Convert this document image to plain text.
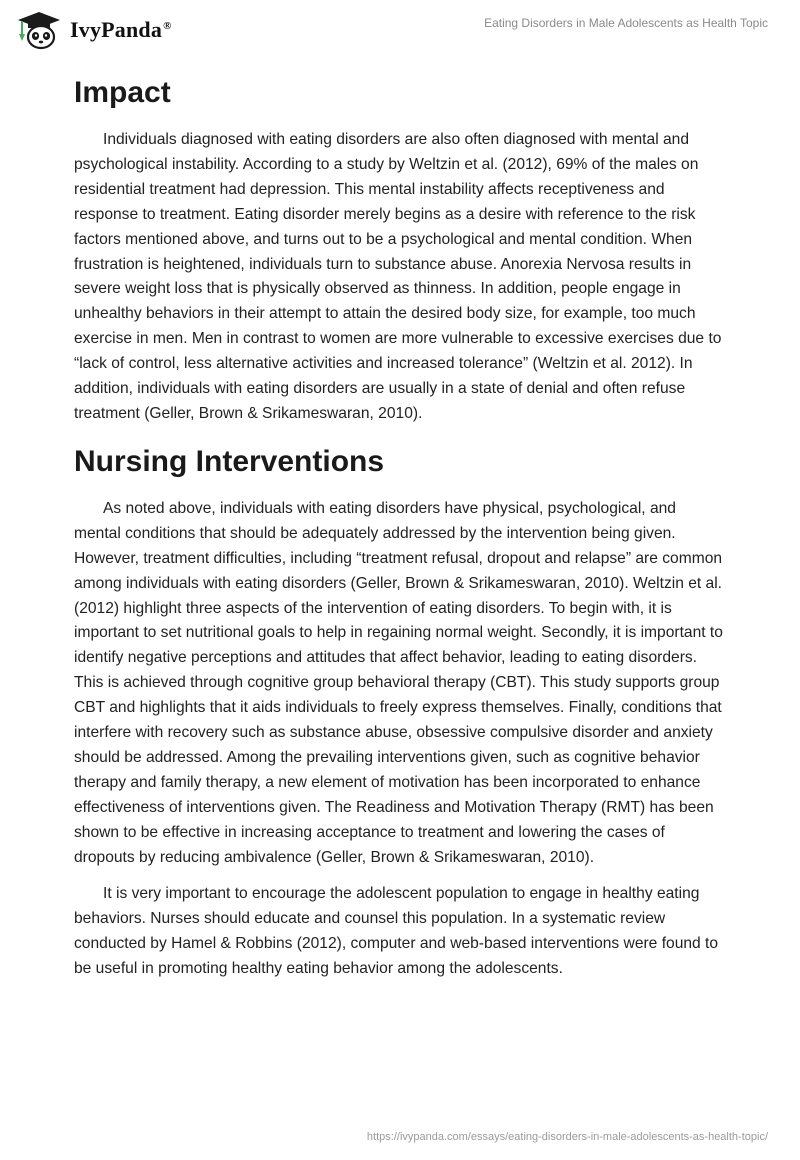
IvyPanda®	Eating Disorders in Male Adolescents as Health Topic
Impact

Individuals diagnosed with eating disorders are also often diagnosed with mental and psychological instability. According to a study by Weltzin et al. (2012), 69% of the males on residential treatment had depression. This mental instability affects receptiveness and response to treatment. Eating disorder merely begins as a desire with reference to the risk factors mentioned above, and turns out to be a psychological and mental condition. When frustration is heightened, individuals turn to substance abuse. Anorexia Nervosa results in severe weight loss that is physically observed as thinness. In addition, people engage in unhealthy behaviors in their attempt to attain the desired body size, for example, too much exercise in men. Men in contrast to women are more vulnerable to excessive exercises due to “lack of control, less alternative activities and increased tolerance” (Weltzin et al. 2012). In addition, individuals with eating disorders are usually in a state of denial and often refuse treatment (Geller, Brown & Srikameswaran, 2010).

Nursing Interventions

As noted above, individuals with eating disorders have physical, psychological, and mental conditions that should be adequately addressed by the intervention being given. However, treatment difficulties, including “treatment refusal, dropout and relapse” are common among individuals with eating disorders (Geller, Brown & Srikameswaran, 2010). Weltzin et al. (2012) highlight three aspects of the intervention of eating disorders. To begin with, it is important to set nutritional goals to help in regaining normal weight. Secondly, it is important to identify negative perceptions and attitudes that affect behavior, leading to eating disorders. This is achieved through cognitive group behavioral therapy (CBT). This study supports group CBT and highlights that it aids individuals to freely express themselves. Finally, conditions that interfere with recovery such as substance abuse, obsessive compulsive disorder and anxiety should be addressed. Among the prevailing interventions given, such as cognitive behavior therapy and family therapy, a new element of motivation has been incorporated to enhance effectiveness of interventions given. The Readiness and Motivation Therapy (RMT) has been shown to be effective in increasing acceptance to treatment and lowering the cases of dropouts by reducing ambivalence (Geller, Brown & Srikameswaran, 2010).

It is very important to encourage the adolescent population to engage in healthy eating behaviors. Nurses should educate and counsel this population. In a systematic review conducted by Hamel & Robbins (2012), computer and web-based interventions were found to be useful in promoting healthy eating behavior among the adolescents.

https://ivypanda.com/essays/eating-disorders-in-male-adolescents-as-health-topic/
